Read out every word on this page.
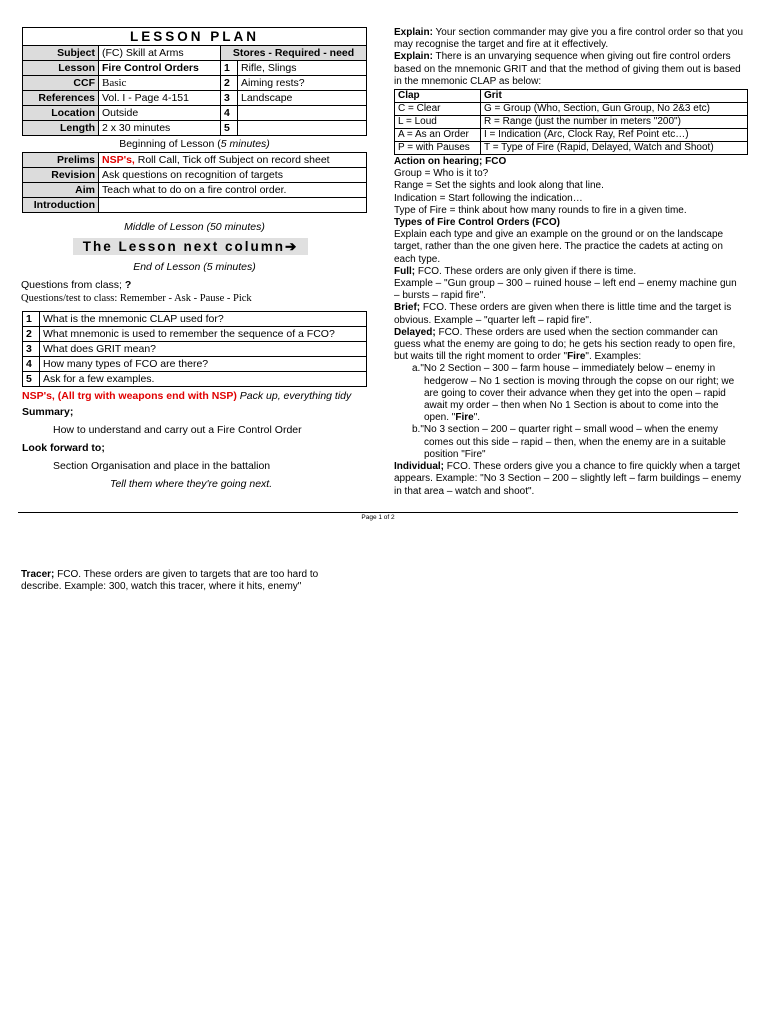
LESSON PLAN			
Subject	(FC) Skill at Arms	Stores - Required - need	
Lesson	Fire Control Orders	1	Rifle, Slings
CCF	Basic	2	Aiming rests?
References	Vol. I - Page 4-151	3	Landscape
Location	Outside	4	
Length	2 x 30 minutes	5	
Beginning of Lesson (5 minutes)
Prelims	NSP's, Roll Call, Tick off Subject on record sheet
Revision	Ask questions on recognition of targets
Aim	Teach what to do on a fire control order.
Introduction	
Middle of Lesson (50 minutes)
The Lesson next column➔
End of Lesson (5 minutes)
Questions from class; ?
Questions/test to class: Remember - Ask - Pause - Pick
1	What is the mnemonic CLAP used for?
2	What mnemonic is used to remember the sequence of a FCO?
3	What does GRIT mean?
4	How many types of FCO are there?
5	Ask for a few examples.
NSP's, (All trg with weapons end with NSP) Pack up, everything tidy
Summary;
How to understand and carry out a Fire Control Order
Look forward to;
Section Organisation and place in the battalion
Tell them where they're going next.

Explain: Your section commander may give you a fire control order so that you may recognise the target and fire at it effectively.

Explain: There is an unvarying sequence when giving out fire control orders based on the mnemonic GRIT and that the method of giving them out is based in the mnemonic CLAP as below:

Clap	Grit
C = Clear	G = Group (Who, Section, Gun Group, No 2&3 etc)
L = Loud	R = Range (just the number in meters "200")
A = As an Order	I = Indication (Arc, Clock Ray, Ref Point etc…)
P = with Pauses	T = Type of Fire (Rapid, Delayed, Watch and Shoot)

Action on hearing; FCO

Group = Who is it to?

Range = Set the sights and look along that line.

Indication = Start following the indication…

Type of Fire = think about how many rounds to fire in a given time.

Types of Fire Control Orders (FCO)

Explain each type and give an example on the ground or on the landscape target, rather than the one given here. The practice the cadets at acting on each type.

Full; FCO. These orders are only given if there is time.

Example – "Gun group – 300 – ruined house – left end – enemy machine gun – bursts – rapid fire".

Brief; FCO. These orders are given when there is little time and the target is obvious. Example – "quarter left – rapid fire".

Delayed; FCO. These orders are used when the section commander can guess what the enemy are going to do; he gets his section ready to open fire, but waits till the right moment to order "Fire". Examples:

a."No 2 Section – 300 – farm house – immediately below – enemy in hedgerow – No 1 section is moving through the copse on our right; we are going to cover their advance when they get into the open – rapid await my order – then when No 1 Section is about to come into the open. "Fire".

b."No 3 section – 200 – quarter right – small wood – when the enemy comes out this side – rapid – then, when the enemy are in a suitable position "Fire"

Individual; FCO. These orders give you a chance to fire quickly when a target appears. Example: "No 3 Section – 200 – slightly left – farm buildings – enemy in that area – watch and shoot".

Page 1 of 2
Tracer; FCO. These orders are given to targets that are too hard to describe. Example: 300, watch this tracer, where it hits, enemy"
